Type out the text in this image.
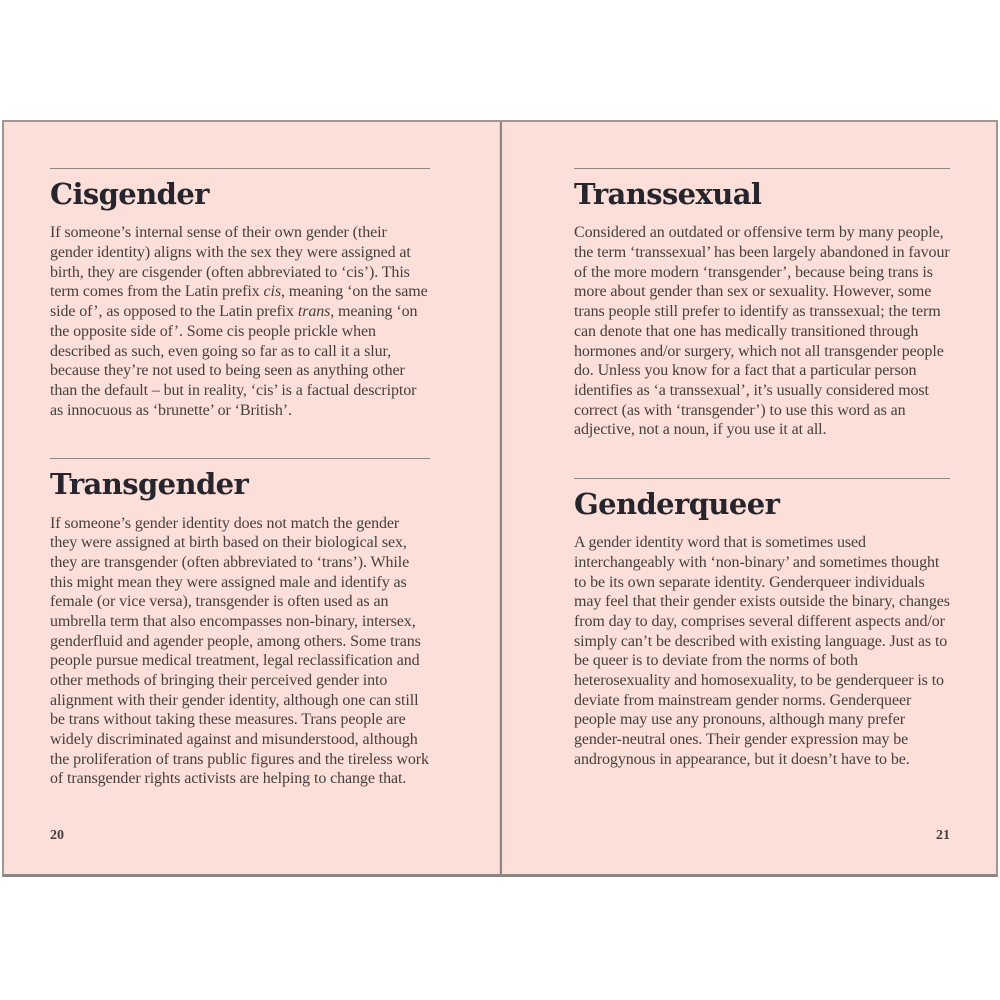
Cisgender

If someone’s internal sense of their own gender (their gender identity) aligns with the sex they were assigned at birth, they are cisgender (often abbreviated to ‘cis’). This term comes from the Latin prefix cis, meaning ‘on the same side of’, as opposed to the Latin prefix trans, meaning ‘on the opposite side of’. Some cis people prickle when described as such, even going so far as to call it a slur, because they’re not used to being seen as anything other than the default – but in reality, ‘cis’ is a factual descriptor as innocuous as ‘brunette’ or ‘British’.

Transgender

If someone’s gender identity does not match the gender they were assigned at birth based on their biological sex, they are transgender (often abbreviated to ‘trans’). While this might mean they were assigned male and identify as female (or vice versa), transgender is often used as an umbrella term that also encompasses non-binary, intersex, genderfluid and agender people, among others. Some trans people pursue medical treatment, legal reclassification and other methods of bringing their perceived gender into alignment with their gender identity, although one can still be trans without taking these measures. Trans people are widely discriminated against and misunderstood, although the proliferation of trans public figures and the tireless work of transgender rights activists are helping to change that.

20
Transsexual

Considered an outdated or offensive term by many people, the term ‘transsexual’ has been largely abandoned in favour of the more modern ‘transgender’, because being trans is more about gender than sex or sexuality. However, some trans people still prefer to identify as transsexual; the term can denote that one has medically transitioned through hormones and/or surgery, which not all transgender people do. Unless you know for a fact that a particular person identifies as ‘a transsexual’, it’s usually considered most correct (as with ‘transgender’) to use this word as an adjective, not a noun, if you use it at all.

Genderqueer

A gender identity word that is sometimes used interchangeably with ‘non-binary’ and sometimes thought to be its own separate identity. Genderqueer individuals may feel that their gender exists outside the binary, changes from day to day, comprises several different aspects and/or simply can’t be described with existing language. Just as to be queer is to deviate from the norms of both heterosexuality and homosexuality, to be genderqueer is to deviate from mainstream gender norms. Genderqueer people may use any pronouns, although many prefer gender-neutral ones. Their gender expression may be androgynous in appearance, but it doesn’t have to be.

21
